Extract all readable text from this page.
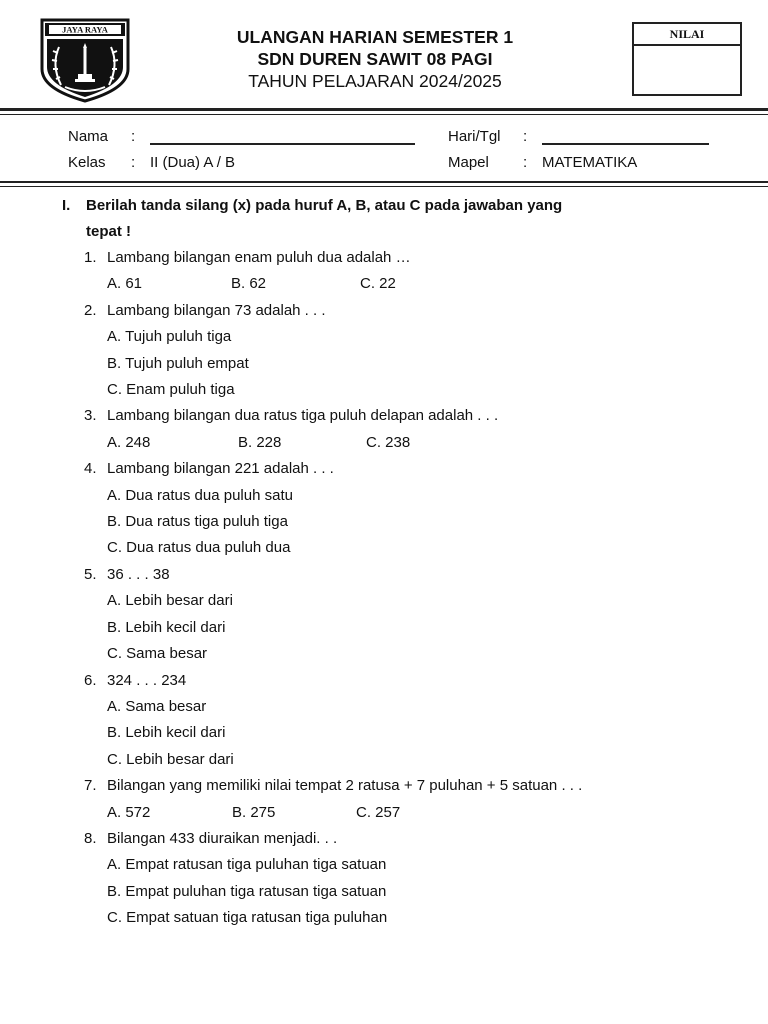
JAYA RAYA	ULANGAN HARIAN SEMESTER 1
SDN DUREN SAWIT 08 PAGI
TAHUN PELAJARAN 2024/2025
NILAI
Nama :	Hari/Tgl :
Kelas : II (Dua) A / B	Mapel : MATEMATIKA
I. Berilah tanda silang (x) pada huruf A, B, atau C pada jawaban yang
tepat !
1. Lambang bilangan enam puluh dua adalah …
A. 61	B. 62	C. 22
2. Lambang bilangan 73 adalah . . .
A. Tujuh puluh tiga
B. Tujuh puluh empat
C. Enam puluh tiga
3. Lambang bilangan dua ratus tiga puluh delapan adalah . . .
A. 248	B. 228	C. 238
4. Lambang bilangan 221 adalah . . .
A. Dua ratus dua puluh satu
B. Dua ratus tiga puluh tiga
C. Dua ratus dua puluh dua
5. 36 . . . 38
A. Lebih besar dari
B. Lebih kecil dari
C. Sama besar
6. 324 . . . 234
A. Sama besar
B. Lebih kecil dari
C. Lebih besar dari
7. Bilangan yang memiliki nilai tempat 2 ratusa + 7 puluhan + 5 satuan . . .
A. 572	B. 275	C. 257
8. Bilangan 433 diuraikan menjadi. . .
A. Empat ratusan tiga puluhan tiga satuan
B. Empat puluhan tiga ratusan tiga satuan
C. Empat satuan tiga ratusan tiga puluhan
